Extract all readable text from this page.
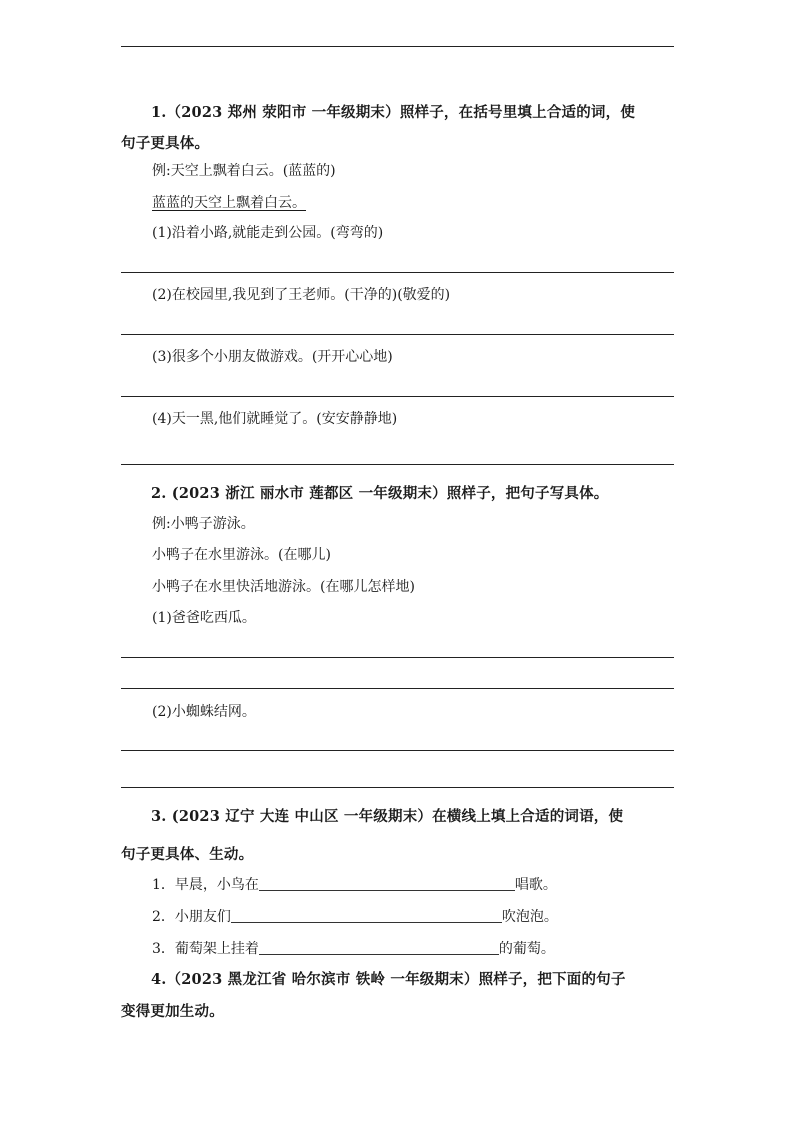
1.（2023 郑州 荥阳市 一年级期末）照样子，在括号里填上合适的词，使
句子更具体。
例:天空上飘着白云。(蓝蓝的)
蓝蓝的天空上飘着白云。
(1)沿着小路,就能走到公园。(弯弯的)
(2)在校园里,我见到了王老师。(干净的)(敬爱的)
(3)很多个小朋友做游戏。(开开心心地)
(4)天一黑,他们就睡觉了。(安安静静地)
2. (2023 浙江 丽水市 莲都区 一年级期末）照样子，把句子写具体。
例:小鸭子游泳。
小鸭子在水里游泳。(在哪儿)
小鸭子在水里快活地游泳。(在哪儿怎样地)
(1)爸爸吃西瓜。
(2)小蜘蛛结网。
3. (2023 辽宁 大连 中山区 一年级期末）在横线上填上合适的词语，使
句子更具体、生动。
1．早晨，小鸟在	唱歌。
2．小朋友们	吹泡泡。
3．葡萄架上挂着	的葡萄。
4.（2023 黑龙江省 哈尔滨市 铁岭 一年级期末）照样子，把下面的句子
变得更加生动。
